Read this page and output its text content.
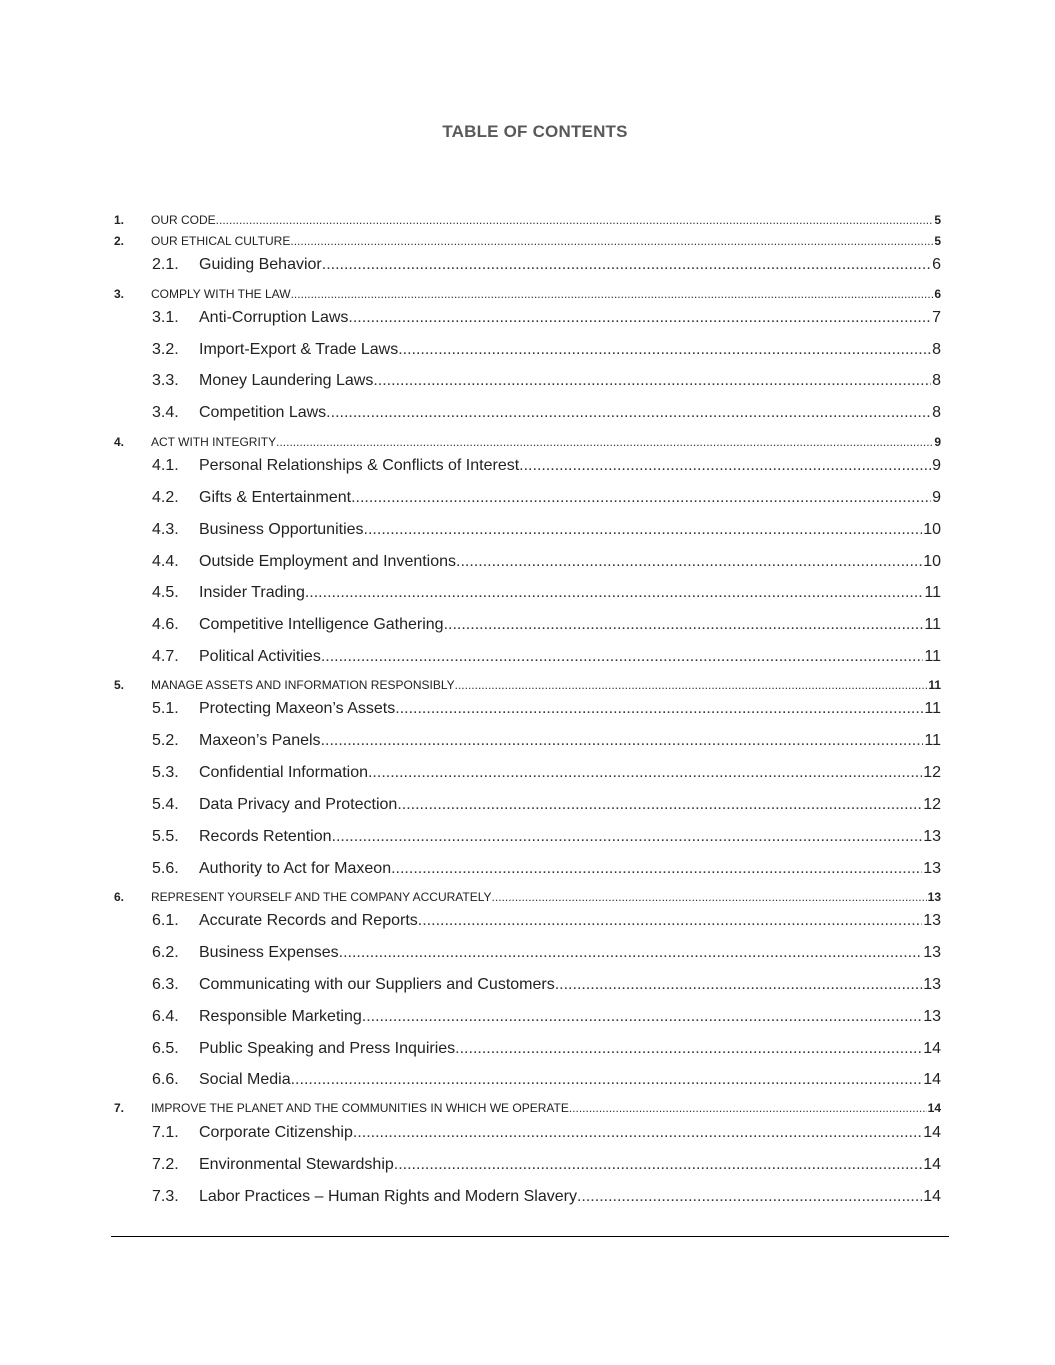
TABLE OF CONTENTS
1. OUR CODE .....	5
2. OUR ETHICAL CULTURE .....	5
2.1. Guiding Behavior .....	6
3. COMPLY WITH THE LAW .....	6
3.1. Anti-Corruption Laws .....	7
3.2. Import-Export & Trade Laws .....	8
3.3. Money Laundering Laws .....	8
3.4. Competition Laws .....	8
4. ACT WITH INTEGRITY .....	9
4.1. Personal Relationships & Conflicts of Interest .....	9
4.2. Gifts & Entertainment .....	9
4.3. Business Opportunities .....	10
4.4. Outside Employment and Inventions .....	10
4.5. Insider Trading .....	11
4.6. Competitive Intelligence Gathering .....	11
4.7. Political Activities .....	11
5. MANAGE ASSETS AND INFORMATION RESPONSIBLY .....	11
5.1. Protecting Maxeon’s Assets .....	11
5.2. Maxeon’s Panels .....	11
5.3. Confidential Information .....	12
5.4. Data Privacy and Protection .....	12
5.5. Records Retention .....	13
5.6. Authority to Act for Maxeon .....	13
6. REPRESENT YOURSELF AND THE COMPANY ACCURATELY .....	13
6.1. Accurate Records and Reports .....	13
6.2. Business Expenses .....	13
6.3. Communicating with our Suppliers and Customers .....	13
6.4. Responsible Marketing .....	13
6.5. Public Speaking and Press Inquiries .....	14
6.6. Social Media .....	14
7. IMPROVE THE PLANET AND THE COMMUNITIES IN WHICH WE OPERATE .....	14
7.1. Corporate Citizenship .....	14
7.2. Environmental Stewardship .....	14
7.3. Labor Practices – Human Rights and Modern Slavery .....	14
